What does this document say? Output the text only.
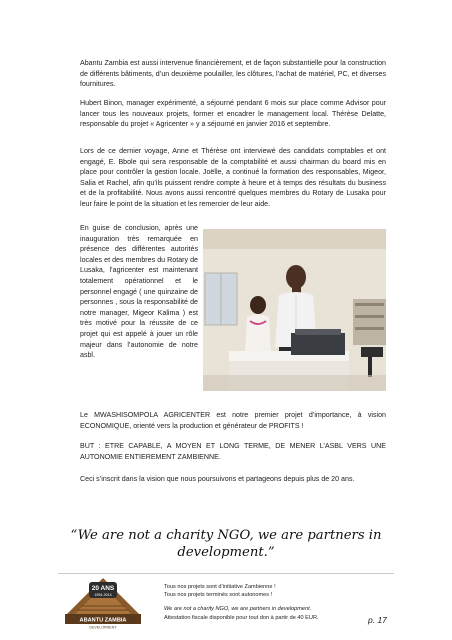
Abantu Zambia est aussi intervenue financièrement, et de façon substantielle pour la construction de différents bâtiments, d’un deuxième poulailler, les clôtures, l’achat de matériel, PC, et diverses fournitures.

Hubert Binon, manager expérimenté, a séjourné pendant 6 mois sur place comme Advisor pour lancer tous les nouveaux projets, former et encadrer le management local. Thérèse Delatte, responsable du projet « Agricenter » y a séjourné en janvier 2016 et septembre.

Lors de ce dernier voyage, Anne et Thérèse ont interviewé des candidats comptables et ont engagé, E. Bbole qui sera responsable de la comptabilité et aussi chairman du board mis en place pour contrôler la gestion locale. Joëlle, a continué la formation des responsables, Migeor, Salia et Rachel, afin qu’ils puissent rendre compte à heure et à temps des résultats du business et de la profitabilité. Nous avons aussi rencontré quelques membres du Rotary de Lusaka pour leur faire le point de la situation et les remercier de leur aide.

En guise de conclusion, après une inauguration très remarquée en présence des différentes autorités locales et des membres du Rotary de Lusaka, l’agricenter est maintenant totalement opérationnel et le personnel engagé ( une quinzaine de personnes , sous la responsabilité de notre manager, Migeor Kalima ) est très motivé pour la réussite de ce projet qui est appelé à jouer un rôle majeur dans l’autonomie de notre asbl.

Le MWASHISOMPOLA AGRICENTER est notre premier projet d’importance, à vision ECONOMIQUE, orienté vers la production et générateur de PROFITS !

BUT : ETRE CAPABLE, A MOYEN ET LONG TERME, DE MENER L’ASBL VERS UNE AUTONOMIE ENTIEREMENT ZAMBIENNE.

Ceci s’inscrit dans la vision que nous poursuivons et partageons depuis plus de 20 ans.

“We are not a charity NGO, we are partners in development.”

20 ANS
1994-2014
ABANTU ZAMBIA
DEVELOPMENT
Tous nos projets sont d’initiative Zambienne !
Tous nos projets terminés sont autonomes !
We are not a charity NGO, we are partners in development.
Attestation fiscale disponible pour tout don à partir de 40 EUR.	p. 17
